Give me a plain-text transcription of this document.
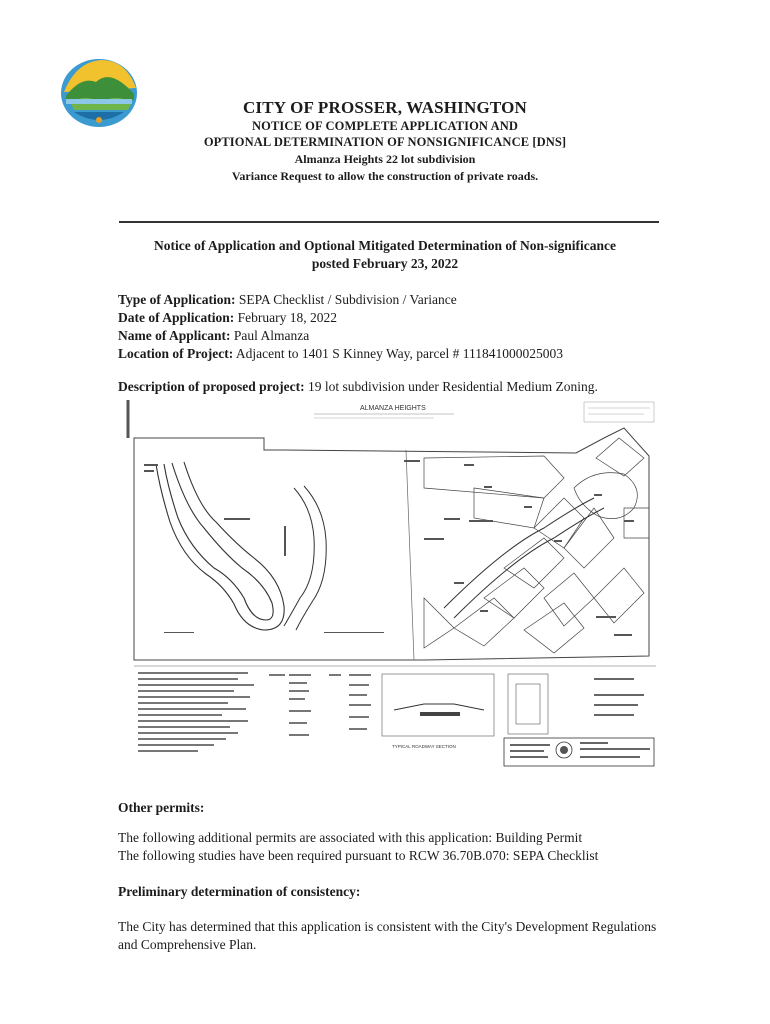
CITY OF PROSSER, WASHINGTON
NOTICE OF COMPLETE APPLICATION AND
OPTIONAL DETERMINATION OF NONSIGNIFICANCE [DNS]
Almanza Heights 22 lot subdivision
Variance Request to allow the construction of private roads.
Notice of Application and Optional Mitigated Determination of Non-significance
posted February 23, 2022
Type of Application: SEPA Checklist / Subdivision / Variance
Date of Application: February 18, 2022
Name of Applicant: Paul Almanza
Location of Project: Adjacent to 1401 S Kinney Way, parcel # 111841000025003
Description of proposed project: 19 lot subdivision under Residential Medium Zoning.
ALMANZA HEIGHTS
TYPICAL ROADWAY SECTION
Other permits:
The following additional permits are associated with this application: Building Permit
The following studies have been required pursuant to RCW 36.70B.070: SEPA Checklist
Preliminary determination of consistency:
The City has determined that this application is consistent with the City's Development Regulations and Comprehensive Plan.
